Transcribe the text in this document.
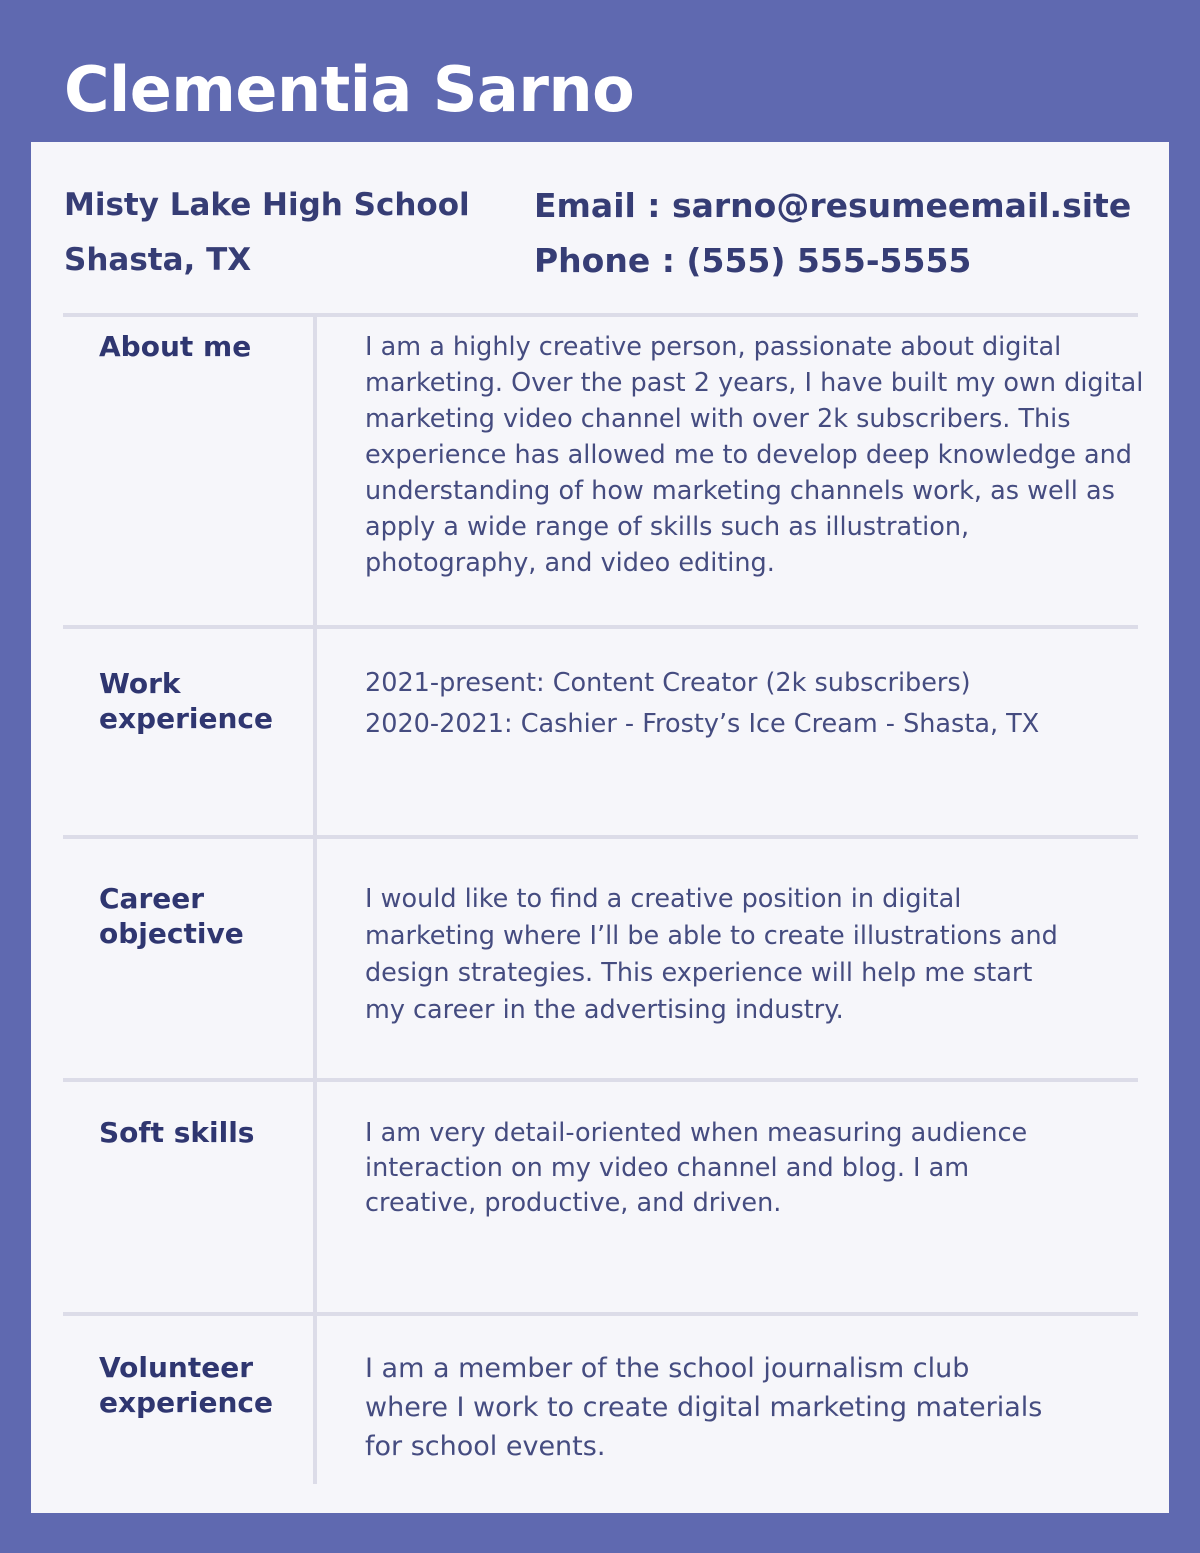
Clementia Sarno
Misty Lake High School
Shasta, TX
Email : sarno@resumeemail.site
Phone : (555) 555-5555
About me	I am a highly creative person, passionate about digital marketing. Over the past 2 years, I have built my own digital marketing video channel with over 2k subscribers. This experience has allowed me to develop deep knowledge and understanding of how marketing channels work, as well as apply a wide range of skills such as illustration, photography, and video editing.

Work experience

2021-present: Content Creator (2k subscribers)

2020-2021: Cashier - Frosty’s Ice Cream - Shasta, TX

Career objective

I would like to find a creative position in digital marketing where I’ll be able to create illustrations and design strategies. This experience will help me start my career in the advertising industry.

Soft skills	I am very detail-oriented when measuring audience interaction on my video channel and blog. I am creative, productive, and driven.

Volunteer experience

I am a member of the school journalism club where I work to create digital marketing materials for school events.
